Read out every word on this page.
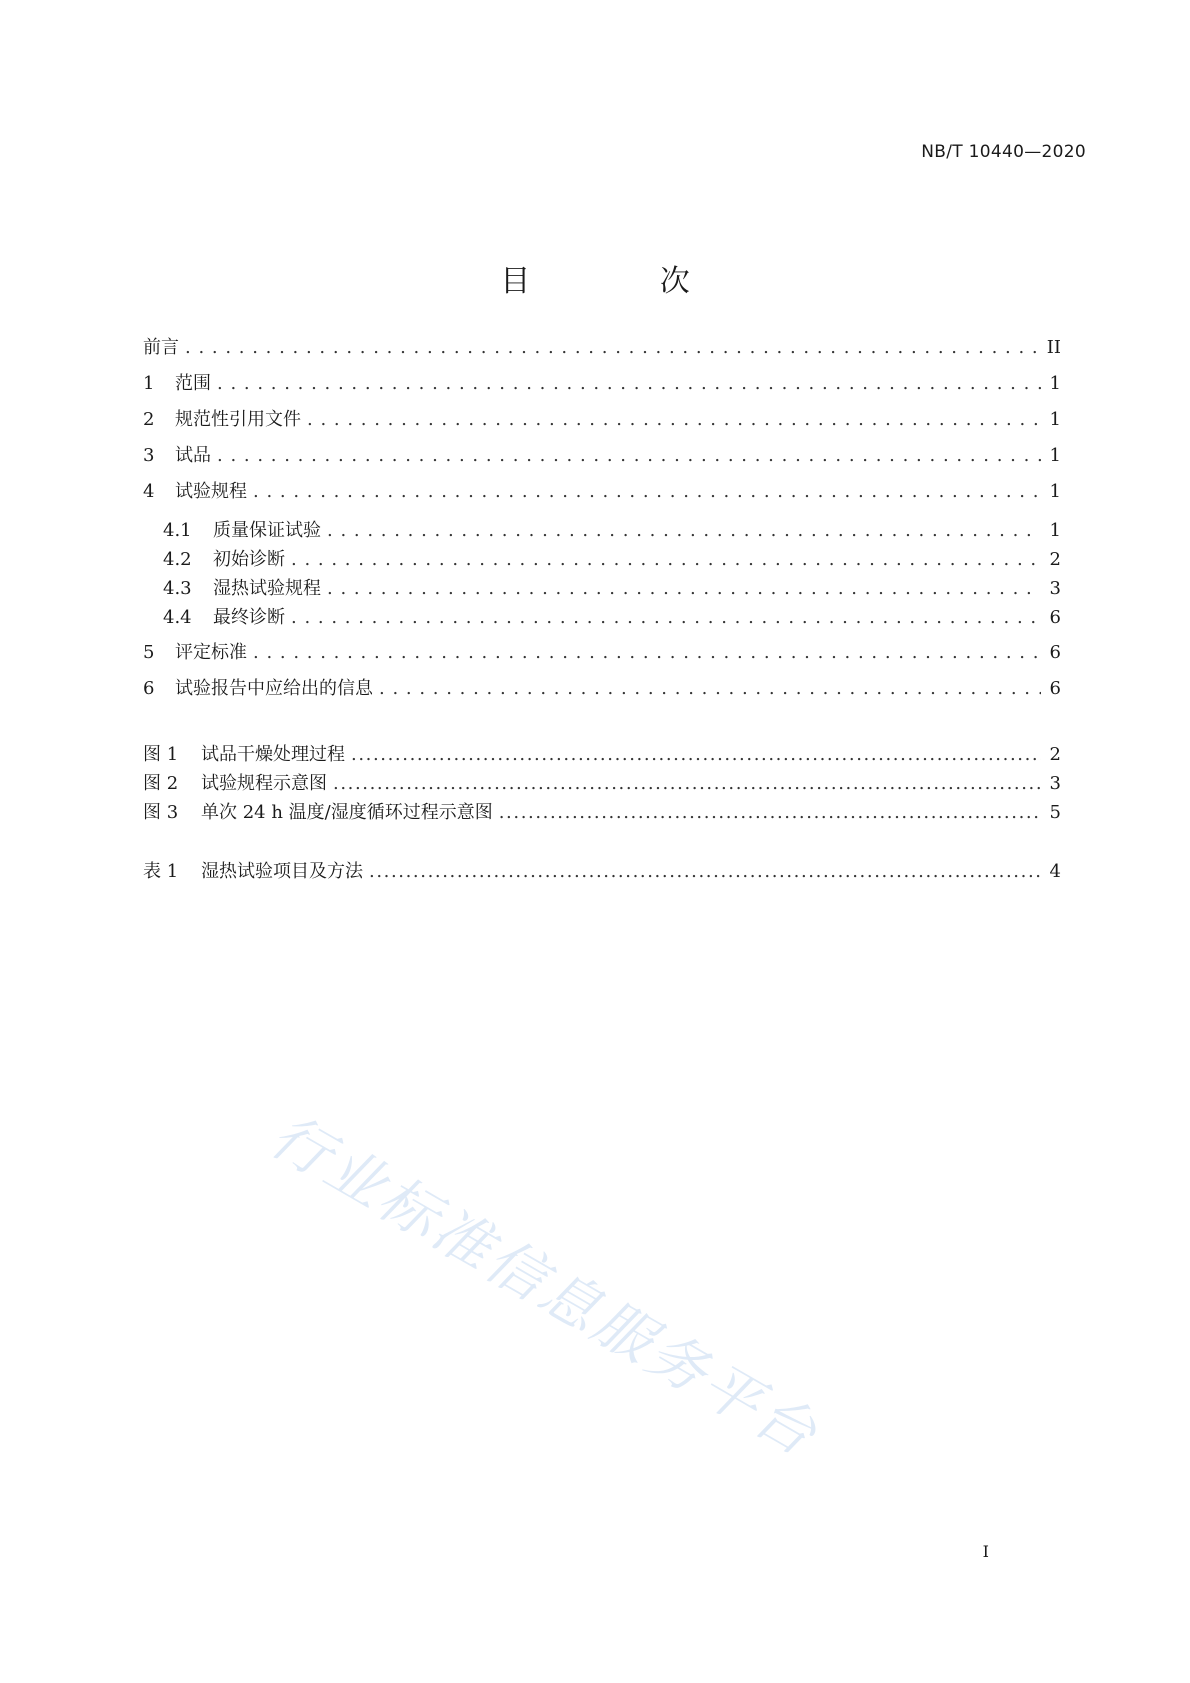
NB/T 10440—2020
目 次
前言 . . .	II
1	范围 . . .	1
2	规范性引用文件 . . .	1
3	试品 . . .	1
4	试验规程 . . .	1
4.1	质量保证试验 . . .	1
4.2	初始诊断 . . .	2
4.3	湿热试验规程 . . .	3
4.4	最终诊断 . . .	6
5	评定标准 . . .	6
6	试验报告中应给出的信息 . . .	6
图 1	试品干燥处理过程 .....	2
图 2	试验规程示意图 .....	3
图 3	单次 24 h 温度/湿度循环过程示意图 .....	5
表 1	湿热试验项目及方法 .....	4
行业标准信息服务平台
I
